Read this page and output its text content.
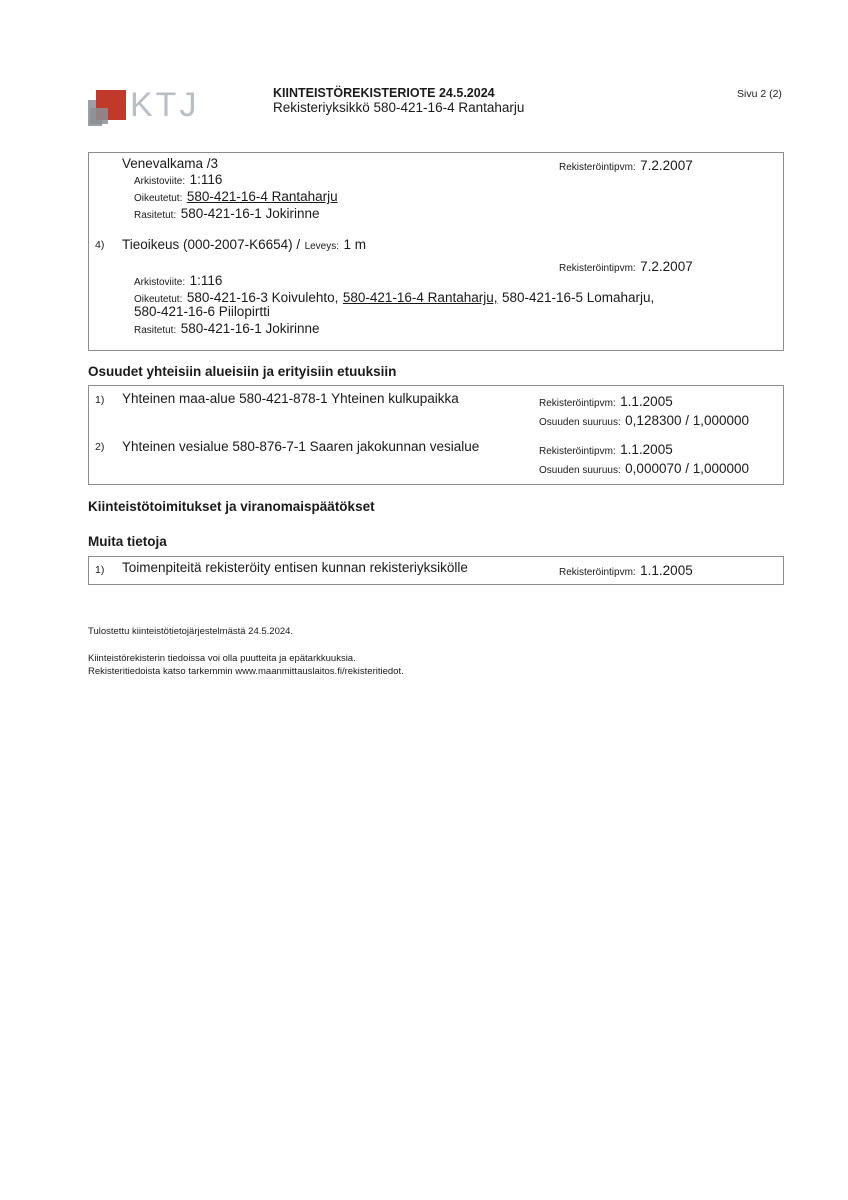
KTJ	KIINTEISTÖREKISTERIOTE 24.5.2024
Rekisteriyksikkö 580-421-16-4 Rantaharju
Sivu 2 (2)
Venevalkama /3	Rekisteröintipvm: 7.2.2007
Arkistoviite: 1:116
Oikeutetut: 580-421-16-4 Rantaharju
Rasitetut: 580-421-16-1 Jokirinne
4) Tieoikeus (000-2007-K6654) / Leveys: 1 m
Rekisteröintipvm: 7.2.2007
Arkistoviite: 1:116
Oikeutetut: 580-421-16-3 Koivulehto, 580-421-16-4 Rantaharju, 580-421-16-5 Lomaharju,
580-421-16-6 Piilopirtti
Rasitetut: 580-421-16-1 Jokirinne
Osuudet yhteisiin alueisiin ja erityisiin etuuksiin
1) Yhteinen maa-alue 580-421-878-1 Yhteinen kulkupaikka	Rekisteröintipvm: 1.1.2005
Osuuden suuruus: 0,128300 / 1,000000
2) Yhteinen vesialue 580-876-7-1 Saaren jakokunnan vesialue	Rekisteröintipvm: 1.1.2005
Osuuden suuruus: 0,000070 / 1,000000
Kiinteistötoimitukset ja viranomaispäätökset
Muita tietoja
1) Toimenpiteitä rekisteröity entisen kunnan rekisteriyksikölle	Rekisteröintipvm: 1.1.2005
Tulostettu kiinteistötietojärjestelmästä 24.5.2024.
Kiinteistörekisterin tiedoissa voi olla puutteita ja epätarkkuuksia.
Rekisteritiedoista katso tarkemmin www.maanmittauslaitos.fi/rekisteritiedot.
